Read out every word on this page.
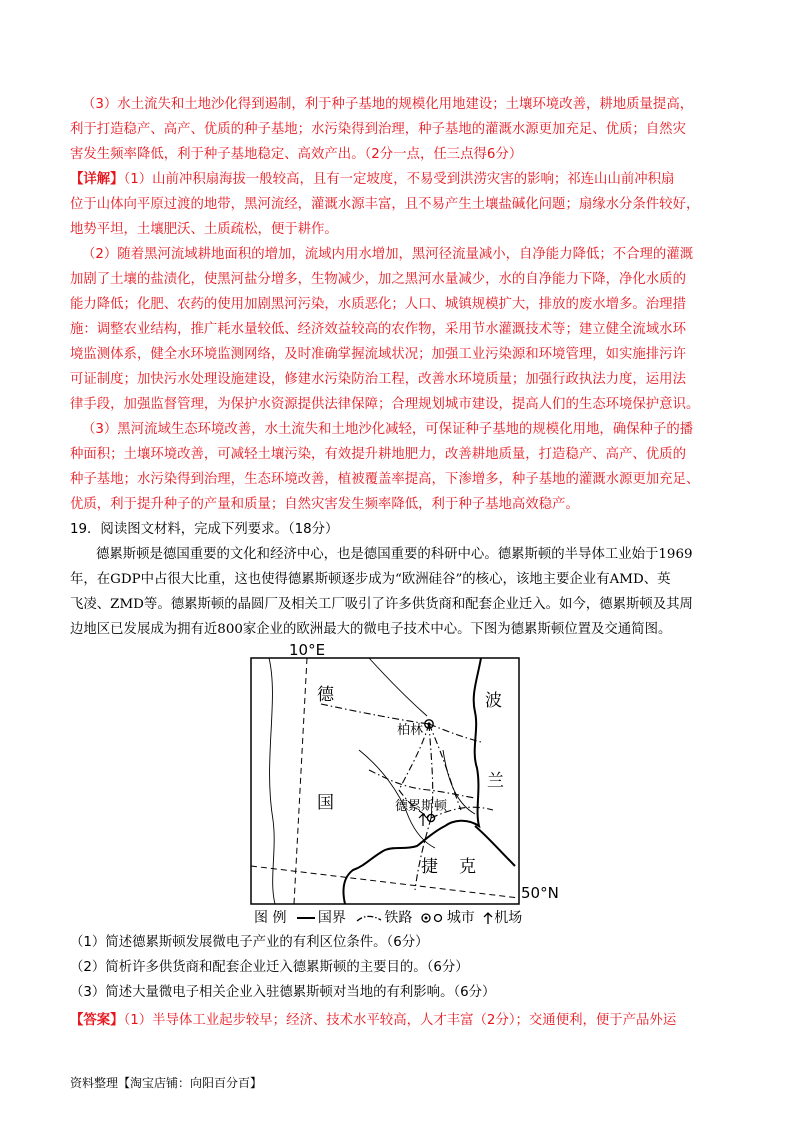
（3）水土流失和土地沙化得到遏制，利于种子基地的规模化用地建设；土壤环境改善，耕地质量提高，
利于打造稳产、高产、优质的种子基地；水污染得到治理，种子基地的灌溉水源更加充足、优质；自然灾
害发生频率降低，利于种子基地稳定、高效产出。（2分一点，任三点得6分）
【详解】（1）山前冲积扇海拔一般较高，且有一定坡度，不易受到洪涝灾害的影响；祁连山山前冲积扇
位于山体向平原过渡的地带，黑河流经，灌溉水源丰富，且不易产生土壤盐碱化问题；扇缘水分条件较好，
地势平坦，土壤肥沃、土质疏松，便于耕作。
（2）随着黑河流域耕地面积的增加，流域内用水增加，黑河径流量减小，自净能力降低；不合理的灌溉
加剧了土壤的盐渍化，使黑河盐分增多，生物减少，加之黑河水量减少，水的自净能力下降，净化水质的
能力降低；化肥、农药的使用加剧黑河污染，水质恶化；人口、城镇规模扩大，排放的废水增多。治理措
施：调整农业结构，推广耗水量较低、经济效益较高的农作物，采用节水灌溉技术等；建立健全流域水环
境监测体系，健全水环境监测网络，及时准确掌握流域状况；加强工业污染源和环境管理，如实施排污许
可证制度；加快污水处理设施建设，修建水污染防治工程，改善水环境质量；加强行政执法力度，运用法
律手段，加强监督管理，为保护水资源提供法律保障；合理规划城市建设，提高人们的生态环境保护意识。
（3）黑河流域生态环境改善，水土流失和土地沙化减轻，可保证种子基地的规模化用地，确保种子的播
种面积；土壤环境改善，可减轻土壤污染，有效提升耕地肥力，改善耕地质量，打造稳产、高产、优质的
种子基地；水污染得到治理，生态环境改善，植被覆盖率提高，下渗增多，种子基地的灌溉水源更加充足、
优质，利于提升种子的产量和质量；自然灾害发生频率降低，利于种子基地高效稳产。
19．阅读图文材料，完成下列要求。（18分）
德累斯顿是德国重要的文化和经济中心，也是德国重要的科研中心。德累斯顿的半导体工业始于1969
年，在GDP中占很大比重，这也使得德累斯顿逐步成为“欧洲硅谷”的核心，该地主要企业有AMD、英
飞凌、ZMD等。德累斯顿的晶圆厂及相关工厂吸引了许多供货商和配套企业迁入。如今，德累斯顿及其周
边地区已发展成为拥有近800家企业的欧洲最大的微电子技术中心。下图为德累斯顿位置及交通简图。
柏林
德累斯顿
德
国
波
兰
捷 克
10°E
50°N
图 例 国界	铁路 城市 机场
（1）简述德累斯顿发展微电子产业的有利区位条件。（6分）
（2）简析许多供货商和配套企业迁入德累斯顿的主要目的。（6分）
（3）简述大量微电子相关企业入驻德累斯顿对当地的有利影响。（6分）
【答案】（1）半导体工业起步较早；经济、技术水平较高，人才丰富（2分）；交通便利，便于产品外运
资料整理【淘宝店铺：向阳百分百】
